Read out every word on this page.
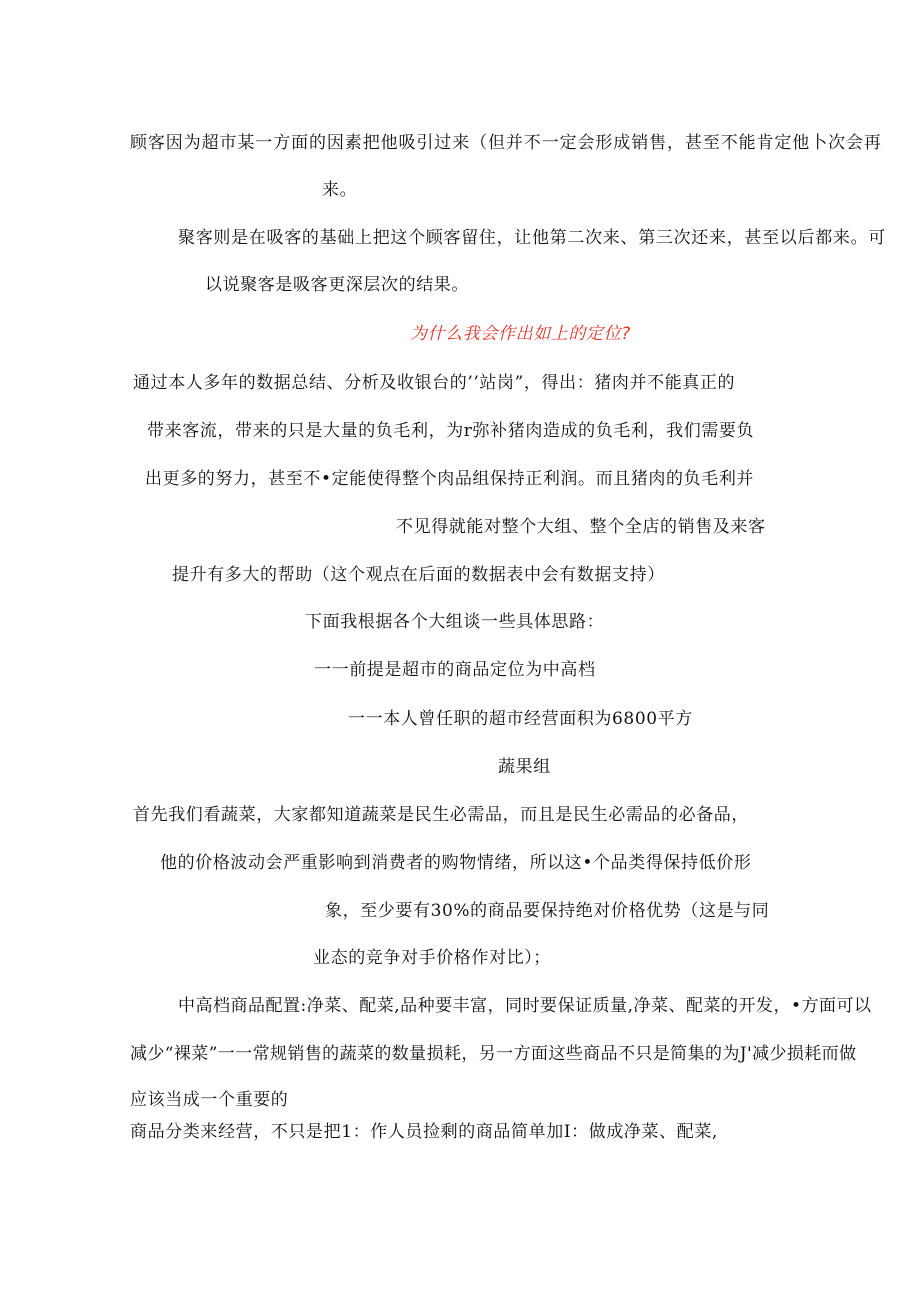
顾客因为超市某一方面的因素把他吸引过来（但并不一定会形成销售，甚至不能肯定他卜次会再
来。
聚客则是在吸客的基础上把这个顾客留住，让他第二次来、第三次还来，甚至以后都来。可
以说聚客是吸客更深层次的结果。
为什么我会作出如上的定位?
通过本人多年的数据总结、分析及收银台的’’站岗”，得出：猪肉并不能真正的
带来客流，带来的只是大量的负毛利，为r弥补猪肉造成的负毛利，我们需要负
出更多的努力，甚至不•定能使得整个肉品组保持正利润。而且猪肉的负毛利并
不见得就能对整个大组、整个全店的销售及来客
提升有多大的帮助（这个观点在后面的数据表中会有数据支持）
下面我根据各个大组谈一些具体思路：
一一前提是超市的商品定位为中高档
一一本人曾任职的超市经营面积为6800平方
蔬果组
首先我们看蔬菜，大家都知道蔬菜是民生必需品，而且是民生必需品的必备品，
他的价格波动会严重影响到消费者的购物情绪，所以这•个品类得保持低价形
象，至少要有30%的商品要保持绝对价格优势（这是与同
业态的竞争对手价格作对比）；
中高档商品配置:净菜、配菜,品种要丰富，同时要保证质量,净菜、配菜的开发，•方面可以
减少“裸菜”一一常规销售的蔬菜的数量损耗，另一方面这些商品不只是简集的为J'减少损耗而做
应该当成一个重要的
商品分类来经营，不只是把1：作人员捡剩的商品简单加I：做成净菜、配菜,
